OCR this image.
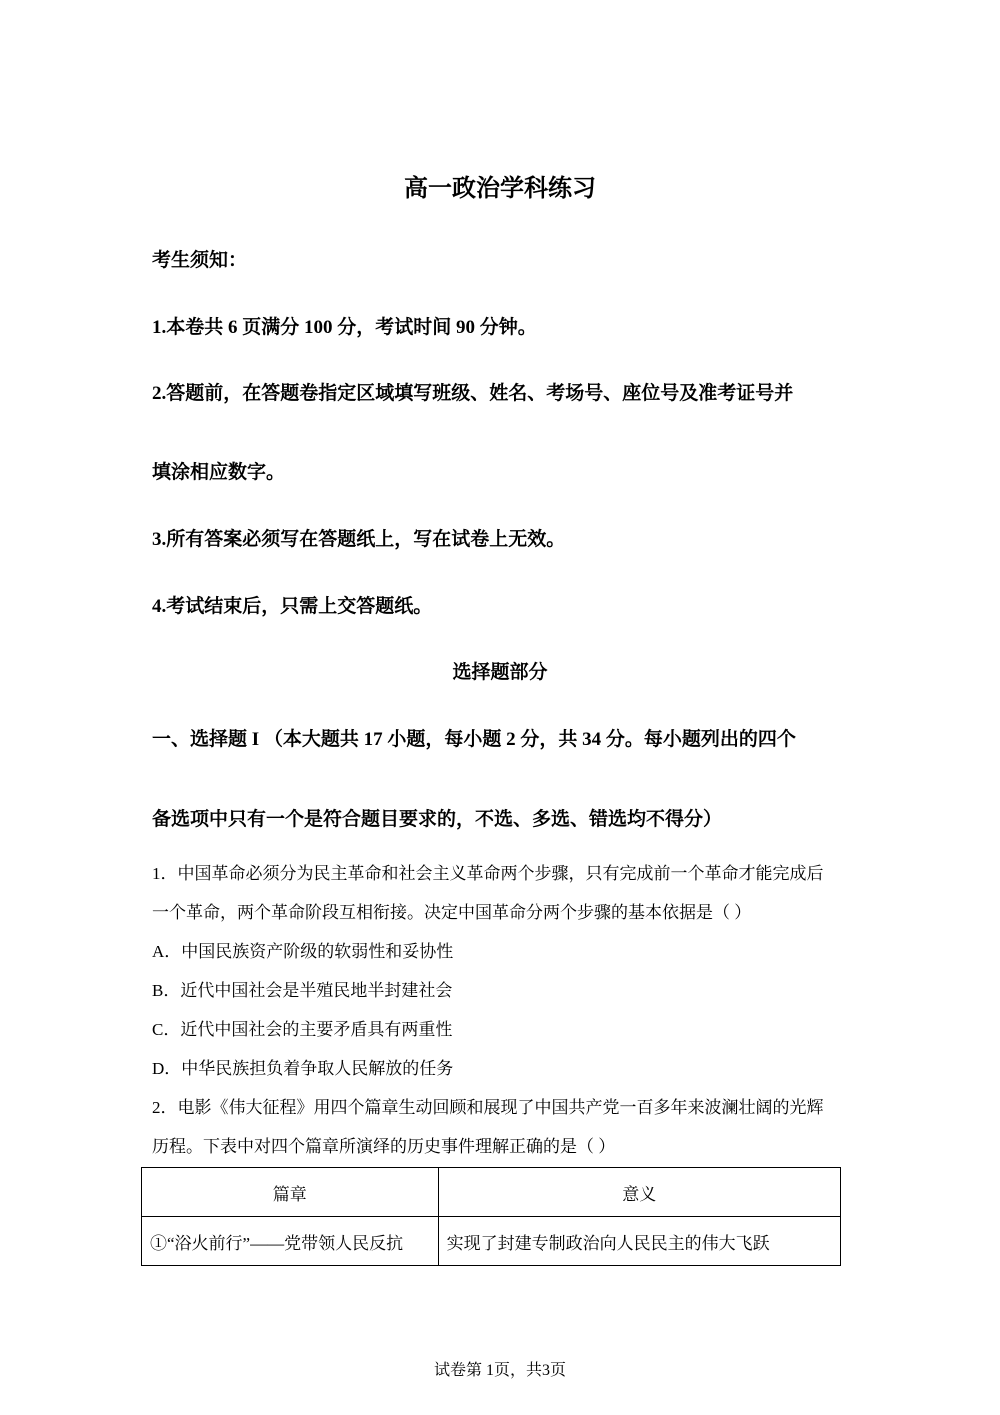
高一政治学科练习
考生须知：
1.本卷共 6 页满分 100 分，考试时间 90 分钟。
2.答题前，在答题卷指定区域填写班级、姓名、考场号、座位号及准考证号并
填涂相应数字。
3.所有答案必须写在答题纸上，写在试卷上无效。
4.考试结束后，只需上交答题纸。
选择题部分
一、选择题 I （本大题共 17 小题，每小题 2 分，共 34 分。每小题列出的四个
备选项中只有一个是符合题目要求的，不选、多选、错选均不得分）
1．中国革命必须分为民主革命和社会主义革命两个步骤，只有完成前一个革命才能完成后
一个革命，两个革命阶段互相衔接。决定中国革命分两个步骤的基本依据是（ ）
A．中国民族资产阶级的软弱性和妥协性
B．近代中国社会是半殖民地半封建社会
C．近代中国社会的主要矛盾具有两重性
D．中华民族担负着争取人民解放的任务
2．电影《伟大征程》用四个篇章生动回顾和展现了中国共产党一百多年来波澜壮阔的光辉
历程。下表中对四个篇章所演绎的历史事件理解正确的是（ ）
篇章	意义
①“浴火前行”——党带领人民反抗	实现了封建专制政治向人民民主的伟大飞跃
试卷第 1页，共3页
